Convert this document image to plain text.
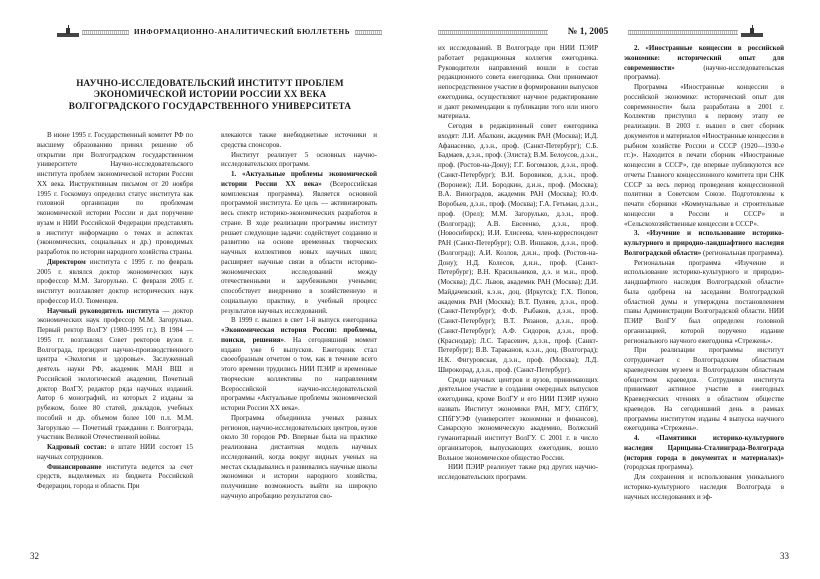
ИНФОРМАЦИОННО-АНАЛИТИЧЕСКИЙ БЮЛЛЕТЕНЬ
НАУЧНО-ИССЛЕДОВАТЕЛЬСКИЙ ИНСТИТУТ ПРОБЛЕМ
ЭКОНОМИЧЕСКОЙ ИСТОРИИ РОССИИ XX ВЕКА
ВОЛГОГРАДСКОГО ГОСУДАРСТВЕННОГО УНИВЕРСИТЕТА

В июне 1995 г. Государственный комитет РФ по высшему образованию принял решение об открытии при Волгоградском государственном университете Научно-исследовательского института проблем экономической истории России XX века. Инструктивным письмом от 20 ноября 1995 г. Госкомвуз определил статус института как головной организации по проблемам экономической истории России и дал поручение вузам и НИИ Российской Федерации представлять в институт информацию о темах и аспектах (экономических, социальных и др.) проводимых разработок по истории народного хозяйства страны.

Директором института с 1995 г. по февраль 2005 г. являлся доктор экономических наук профессор М.М. Загорулько. С февраля 2005 г. институт возглавляет доктор исторических наук профессор И.О. Тюменцев.

Научный руководитель института — доктор экономических наук профессор М.М. Загорулько. Первый ректор ВолГУ (1980-1995 гг.). В 1984 — 1995 гг. возглавлял Совет ректоров вузов г. Волгограда, президент научно-производственного центра «Экология и здоровье». Заслуженный деятель науки РФ, академик МАН ВШ и Российской экологической академии, Почетный доктор ВолГУ, редактор ряда научных изданий. Автор 6 монографий, из которых 2 изданы за рубежом, более 80 статей, докладов, учебных пособий и др. объемом более 100 п.л. М.М. Загорулько — Почетный гражданин г. Волгограда, участник Великой Отечественной войны.

Кадровый состав: в штате НИИ состоят 15 научных сотрудников.

Финансирование института ведется за счет средств, выделяемых из бюджета Российской Федерации, города и области. При

влекаются также внебюджетные источники и средства спонсоров.

Институт реализует 5 основных научно-исследовательских программ.

1. «Актуальные проблемы экономической истории России XX века» (Всероссийская комплексная программа). Является основной программой института. Ее цель — активизировать весь спектр историко-экономических разработок в стране. В ходе реализации программы институт решает следующие задачи: содействует созданию и развитию на основе временных творческих научных коллективов новых научных школ; расширяет научные связи в области историко-экономических исследований между отечественными и зарубежными учеными; способствует внедрению в хозяйственную и социальную практику, в учебный процесс результатов научных исследований.

В 1999 г. вышел в свет 1-й выпуск ежегодника «Экономическая история России: проблемы, поиски, решения». На сегодняшний момент издано уже 6 выпусков. Ежегодник стал своеобразным отчетом о том, как в течение всего этого времени трудились НИИ ПЭИР и временные творческие коллективы по направлениям Всероссийской научно-исследовательской программы «Актуальные проблемы экономической истории России XX века».

Программа объединила ученых разных регионов, научно-исследовательских центров, вузов около 30 городов РФ. Впервые была на практике реализована дистантная модель научных исследований, когда вокруг видных ученых на местах складывались и развивались научные школы экономики и истории народного хозяйства, получившие возможность выйти на широкую научную апробацию результатов сво-

32
№ 1, 2005

их исследований. В Волгограде при НИИ ПЭИР работает редакционная коллегия ежегодника. Руководители направлений вошли в состав редакционного совета ежегодника. Они принимают непосредственное участие в формировании выпусков ежегодника, осуществляют научное редактирование и дают рекомендации к публикации того или иного материала.

Сегодня в редакционный совет ежегодника входят: Л.И. Абалкин, академик РАН (Москва); И.Д. Афанасенко, д.э.н., проф. (Санкт-Петербург); С.Б. Бадмаев, д.э.н., проф. (Элиста); В.М. Белоусов, д.э.н., проф. (Ростов-на-Дону); Г.Г. Богомазов, д.э.н., проф. (Санкт-Петербург); В.И. Боровиков, д.э.н., проф. (Воронеж); Л.И. Бородкин, д.и.н., проф. (Москва); В.А. Виноградов, академик РАН (Москва); Ю.Ф. Воробьев, д.э.н., проф. (Москва); Г.А. Гетьман, д.э.н., проф. (Орел); М.М. Загорулько, д.э.н., проф. (Волгоград); А.В. Евсеенко, д.э.н., проф. (Новосибирск); И.И. Елисеева, член-корреспондент РАН (Санкт-Петербург); О.В. Иншаков, д.э.н., проф. (Волгоград); А.И. Козлов, д.и.н., проф. (Ростов-на-Дону); Н.Д. Колесов, д.и.н., проф. (Санкт-Петербург); В.Н. Красильников, д.э. и м.н., проф. (Москва); Д.С. Львов, академик РАН (Москва); Д.И. Майдачевский, к.э.н., доц. (Иркутск); Г.Х. Попов, академик РАН (Москва); В.Т. Пуляев, д.э.н., проф. (Санкт-Петербург); Ф.Ф. Рыбаков, д.э.н., проф. (Санкт-Петербург); В.Т. Рязанов, д.э.н., проф. (Санкт-Петербург); А.Ф. Сидоров, д.э.н., проф. (Краснодар); Л.С. Тарасевич, д.э.н., проф. (Санкт-Петербург); В.В. Тараканов, к.э.н., доц. (Волгоград); Н.К. Фигуровская, д.э.н., проф. (Москва); Л.Д. Широкорад, д.э.н., проф. (Санкт-Петербург).

Среди научных центров и вузов, принимающих деятельное участие в создании очередных выпусков ежегодника, кроме ВолГУ и его НИИ ПЭИР нужно назвать Институт экономики РАН, МГУ, СПбГУ, СПбГУЭФ (университет экономики и финансов), Самарскую экономическую академию, Волжский гуманитарный институт ВолГУ. С 2001 г. в число организаторов, выпускающих ежегодник, вошло Вольное экономическое общество России.

НИИ ПЭИР реализует также ряд других научно-исследовательских программ.

2. «Иностранные концессии в российской экономике: исторический опыт для современности» (научно-исследовательская программа).

Программа «Иностранные концессии в российской экономике: исторический опыт для современности» была разработана в 2001 г. Коллектив приступил к первому этапу ее реализации. В 2003 г. вышел в свет сборник документов и материалов «Иностранные концессии в рыбном хозяйстве России и СССР (1920—1930-е гг.)». Находится в печати сборник «Иностранные концессии в СССР», где впервые публикуются все отчеты Главного концессионного комитета при СНК СССР за весь период проведения концессионной политики в Советском Союзе. Подготовлены к печати сборники «Коммунальные и строительные концессии в России и СССР» и «Сельскохозяйственные концессии в СССР».

3. «Изучение и использование историко-культурного и природно-ландшафтного наследия Волгоградской области» (региональная программа).

Региональная программа «Изучение и использование историко-культурного и природно-ландшафтного наследия Волгоградской области» была одобрена на заседании Волгоградской областной думы и утверждена постановлением главы Администрации Волгоградской области. НИИ ПЭИР ВолГУ был определен головной организацией, которой поручено издание регионального научного ежегодника «Стрежень».

При реализации программы институт сотрудничает с Волгоградским областным краеведческим музеем и Волгоградским областным обществом краеведов. Сотрудники института принимают активное участие в ежегодных Краеведческих чтениях в областном обществе краеведов. На сегодняшний день в рамках программы институтом изданы 4 выпуска научного ежегодника «Стрежень».

4. «Памятники историко-культурного наследия Царицына-Сталинграда-Волгограда (история города в документах и материалах)» (городская программа).

Для сохранения и использования уникального историко-культурного наследия Волгограда в научных исследованиях и эф-

33
